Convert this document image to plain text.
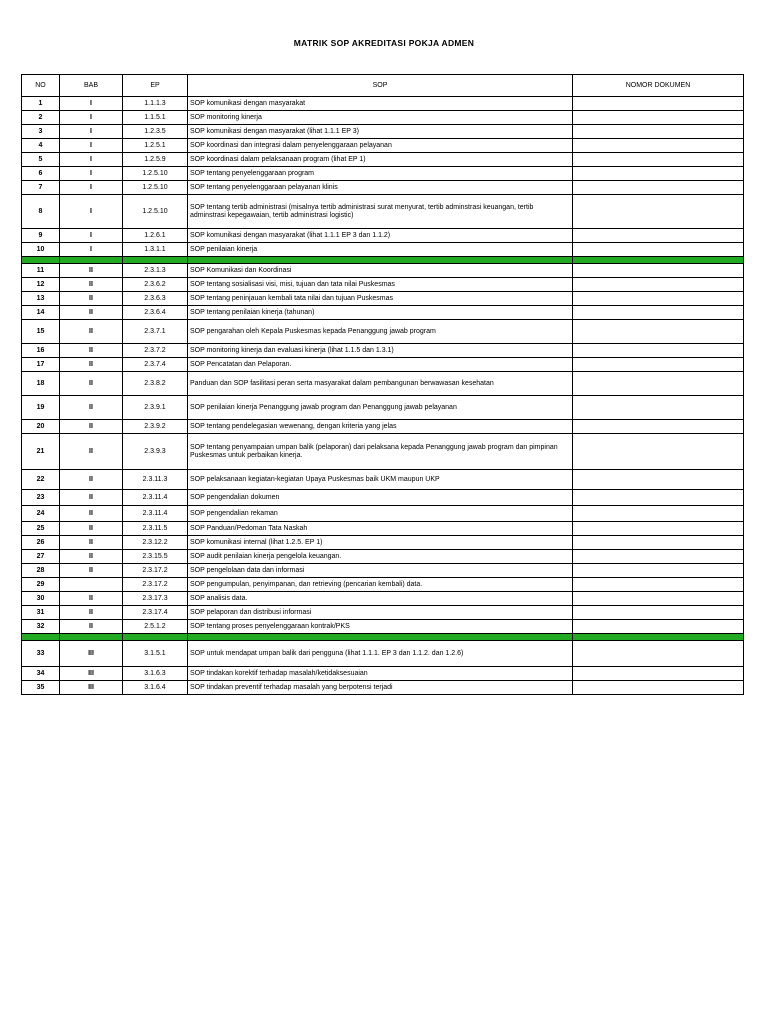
MATRIK SOP AKREDITASI POKJA ADMEN
NO	BAB	EP	SOP	NOMOR DOKUMEN
1	I	1.1.1.3	SOP komunikasi dengan masyarakat	
2	I	1.1.5.1	SOP monitoring kinerja	
3	I	1.2.3.5	SOP komunikasi dengan masyarakat (lihat 1.1.1 EP 3)	
4	I	1.2.5.1	SOP koordinasi dan integrasi dalam penyelenggaraan pelayanan	
5	I	1.2.5.9	SOP koordinasi dalam pelaksanaan program (lihat EP 1)	
6	I	1.2.5.10	SOP tentang penyelenggaraan program	
7	I	1.2.5.10	SOP tentang penyelenggaraan pelayanan klinis	
8	I	1.2.5.10	SOP tentang tertib administrasi (misalnya tertib administrasi surat menyurat, tertib adminstrasi keuangan, tertib adminstrasi kepegawaian, tertib administrasi logistic)	
9	I	1.2.6.1	SOP komunikasi dengan masyarakat (lihat 1.1.1 EP 3 dan 1.1.2)	
10	I	1.3.1.1	SOP penilaian kinerja	

11	II	2.3.1.3	SOP Komunikasi dan Koordinasi	
12	II	2.3.6.2	SOP tentang sosialisasi visi, misi, tujuan dan tata nilai Puskesmas	
13	II	2.3.6.3	SOP tentang peninjauan kembali tata nilai dan tujuan Puskesmas	
14	II	2.3.6.4	SOP tentang penilaian kinerja (tahunan)	
15	II	2.3.7.1	SOP pengarahan oleh Kepala Puskesmas kepada Penanggung jawab program	
16	II	2.3.7.2	SOP monitoring kinerja dan evaluasi kinerja (lihat 1.1.5 dan 1.3.1)	
17	II	2.3.7.4	SOP Pencatatan dan Pelaporan.	
18	II	2.3.8.2	Panduan dan SOP fasilitasi peran serta masyarakat dalam pembangunan berwawasan kesehatan	
19	II	2.3.9.1	SOP penilaian kinerja Penanggung jawab program dan Penanggung jawab pelayanan	
20	II	2.3.9.2	SOP tentang pendelegasian wewenang, dengan kriteria yang jelas	
21	II	2.3.9.3	SOP tentang penyampaian umpan balik (pelaporan) dari pelaksana kepada Penanggung jawab program dan pimpinan Puskesmas untuk perbaikan kinerja.	
22	II	2.3.11.3	SOP pelaksanaan kegiatan-kegiatan Upaya Puskesmas baik UKM maupun UKP	
23	II	2.3.11.4	SOP pengendalian dokumen	
24	II	2.3.11.4	SOP pengendalian rekaman	
25	II	2.3.11.5	SOP Panduan/Pedoman Tata Naskah	
26	II	2.3.12.2	SOP komunikasi internal (lihat 1.2.5. EP 1)	
27	II	2.3.15.5	SOP audit penilaian kinerja pengelola keuangan.	
28	II	2.3.17.2	SOP pengelolaan data dan informasi	
29		2.3.17.2	SOP pengumpulan, penyimpanan, dan retrieving (pencarian kembali) data.	
30	II	2.3.17.3	SOP analisis data.	
31	II	2.3.17.4	SOP pelaporan dan distribusi informasi	
32	II	2.5.1.2	SOP tentang proses penyelenggaraan kontrak/PKS	

33	III	3.1.5.1	SOP untuk mendapat umpan balik dari pengguna (lihat 1.1.1. EP 3 dan 1.1.2. dan 1.2.6)	
34	III	3.1.6.3	SOP tindakan korektif terhadap masalah/ketidaksesuaian	
35	III	3.1.6.4	SOP tindakan preventif terhadap masalah yang berpotensi terjadi	
